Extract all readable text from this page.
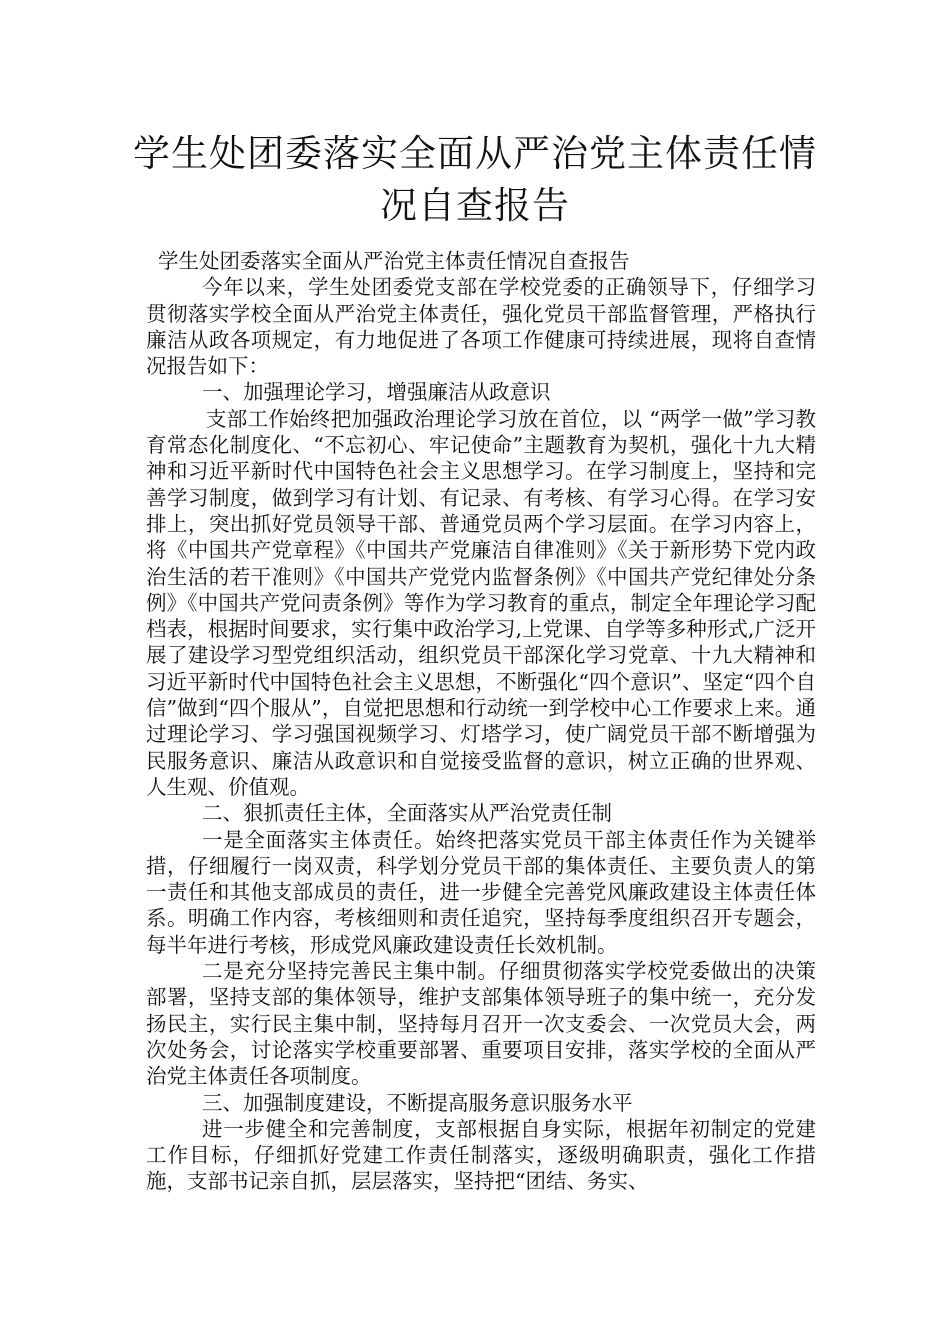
学生处团委落实全面从严治党主体责任情
况自查报告

学生处团委落实全面从严治党主体责任情况自查报告

今年以来，学生处团委党支部在学校党委的正确领导下，仔细学习贯彻落实学校全面从严治党主体责任，强化党员干部监督管理，严格执行廉洁从政各项规定，有力地促进了各项工作健康可持续进展，现将自查情况报告如下：

一、加强理论学习，增强廉洁从政意识

支部工作始终把加强政治理论学习放在首位，以 “两学一做”学习教育常态化制度化、“不忘初心、牢记使命”主题教育为契机，强化十九大精神和习近平新时代中国特色社会主义思想学习。在学习制度上，坚持和完善学习制度，做到学习有计划、有记录、有考核、有学习心得。在学习安排上，突出抓好党员领导干部、普通党员两个学习层面。在学习内容上，将《中国共产党章程》《中国共产党廉洁自律准则》《关于新形势下党内政治生活的若干准则》《中国共产党党内监督条例》《中国共产党纪律处分条例》《中国共产党问责条例》等作为学习教育的重点，制定全年理论学习配档表，根据时间要求，实行集中政治学习,上党课、自学等多种形式,广泛开展了建设学习型党组织活动，组织党员干部深化学习党章、十九大精神和习近平新时代中国特色社会主义思想，不断强化“四个意识”、坚定“四个自信”做到“四个服从”，自觉把思想和行动统一到学校中心工作要求上来。通过理论学习、学习强国视频学习、灯塔学习，使广阔党员干部不断增强为民服务意识、廉洁从政意识和自觉接受监督的意识，树立正确的世界观、人生观、价值观。

二、狠抓责任主体，全面落实从严治党责任制

一是全面落实主体责任。始终把落实党员干部主体责任作为关键举措，仔细履行一岗双责，科学划分党员干部的集体责任、主要负责人的第一责任和其他支部成员的责任，进一步健全完善党风廉政建设主体责任体系。明确工作内容，考核细则和责任追究，坚持每季度组织召开专题会，每半年进行考核，形成党风廉政建设责任长效机制。

二是充分坚持完善民主集中制。仔细贯彻落实学校党委做出的决策部署，坚持支部的集体领导，维护支部集体领导班子的集中统一，充分发扬民主，实行民主集中制，坚持每月召开一次支委会、一次党员大会，两次处务会，讨论落实学校重要部署、重要项目安排，落实学校的全面从严治党主体责任各项制度。

三、加强制度建设，不断提高服务意识服务水平

进一步健全和完善制度，支部根据自身实际，根据年初制定的党建工作目标，仔细抓好党建工作责任制落实，逐级明确职责，强化工作措施，支部书记亲自抓，层层落实，坚持把“团结、务实、
